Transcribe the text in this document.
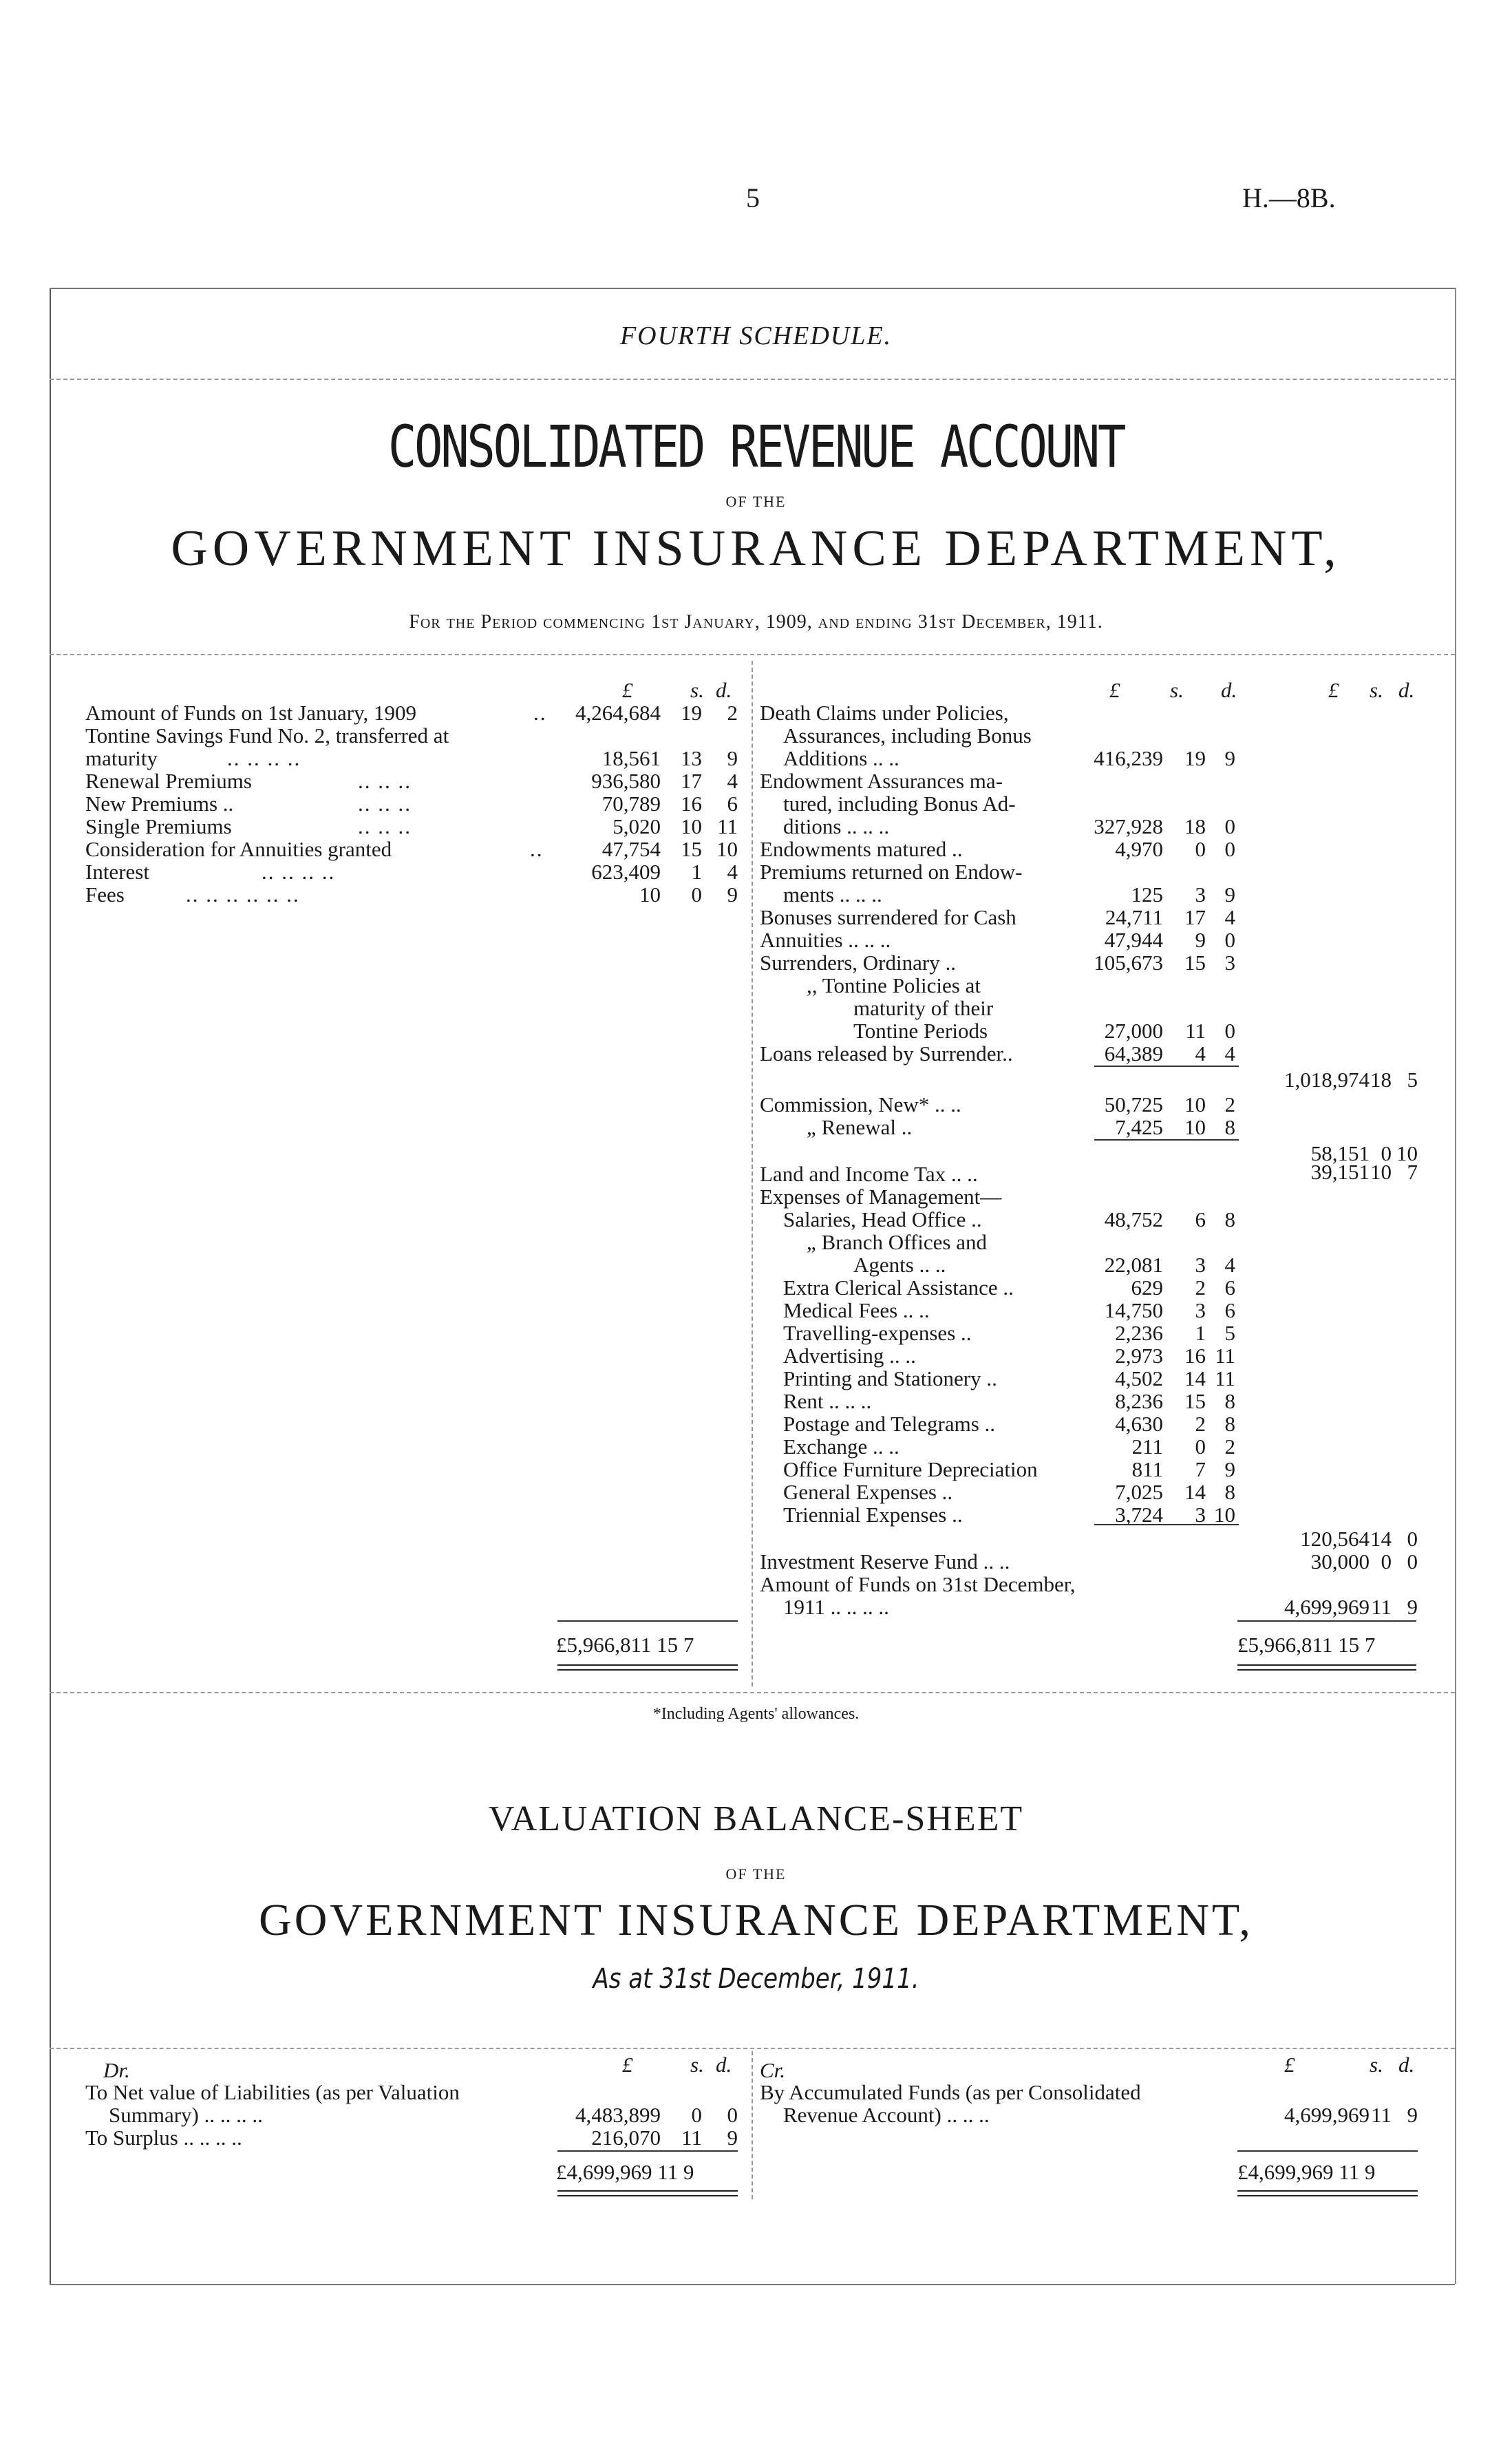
5	H.—8B.
FOURTH SCHEDULE.
CONSOLIDATED REVENUE ACCOUNT
OF THE
GOVERNMENT INSURANCE DEPARTMENT,
For the Period commencing 1st January, 1909, and ending 31st December, 1911.
Amount of Funds on 1st January, 1909	..	4,264,684 19	2
Tontine Savings Fund No. 2, transferred at
maturity	.. .. .. ..	18,561 13	9
Renewal Premiums	.. .. ..	936,580 17	4
New Premiums ..	.. .. ..	70,789 16	6
Single Premiums	.. .. ..	5,020 10 11
Consideration for Annuities granted	..	47,754 15 10
Interest	.. .. .. ..	623,409	1	4
Fees	.. .. .. .. .. ..	10	0	9
Death Claims under Policies,
Assurances, including Bonus
Additions .. ..	416,239	19 9
Endowment Assurances ma-
tured, including Bonus Ad-
ditions .. .. ..	327,928	18 0
Endowments matured ..	4,970	0 0
Premiums returned on Endow-
ments .. .. ..	125	3 9
Bonuses surrendered for Cash	24,711	17 4
Annuities .. .. ..	47,944	9 0
Surrenders, Ordinary ..	105,673	15 3
,, Tontine Policies at
maturity of their
Tontine Periods	27,000	11 0
Loans released by Surrender..	64,389	4 4
1,018,974 18 5
Commission, New* .. ..	50,725	10 2
„ Renewal ..	7,425	10 8
58,151 0 10
Land and Income Tax .. ..	39,151 10 7
Expenses of Management—
Salaries, Head Office ..	48,752	6 8
„ Branch Offices and
Agents .. ..	22,081	3 4
Extra Clerical Assistance ..	629	2 6
Medical Fees .. ..	14,750	3 6
Travelling-expenses ..	2,236	1 5
Advertising .. ..	2,973	16 11
Printing and Stationery ..	4,502	14 11
Rent .. .. ..	8,236	15 8
Postage and Telegrams ..	4,630	2 8
Exchange .. ..	211	0 2
Office Furniture Depreciation	811	7 9
General Expenses ..	7,025	14 8
Triennial Expenses ..	3,724	3 10
120,564 14 0
Investment Reserve Fund .. ..	30,000 0 0
Amount of Funds on 31st December,
1911 .. .. .. ..	4,699,969 11 9
£	s. d.	£ s. d.	£ s. d.
£5,966,811 15 7	£5,966,811 15 7
*Including Agents' allowances.
VALUATION BALANCE-SHEET
OF THE
GOVERNMENT INSURANCE DEPARTMENT,
As at 31st December, 1911.
Dr.	Cr.
£	s. d.	£	s. d.
To Net value of Liabilities (as per Valuation
Summary) .. .. .. ..	4,483,899	0	0
To Surplus .. .. .. ..	216,070 11	9
By Accumulated Funds (as per Consolidated
Revenue Account) .. .. ..	4,699,969 11 9
£4,699,969 11 9	£4,699,969 11 9
